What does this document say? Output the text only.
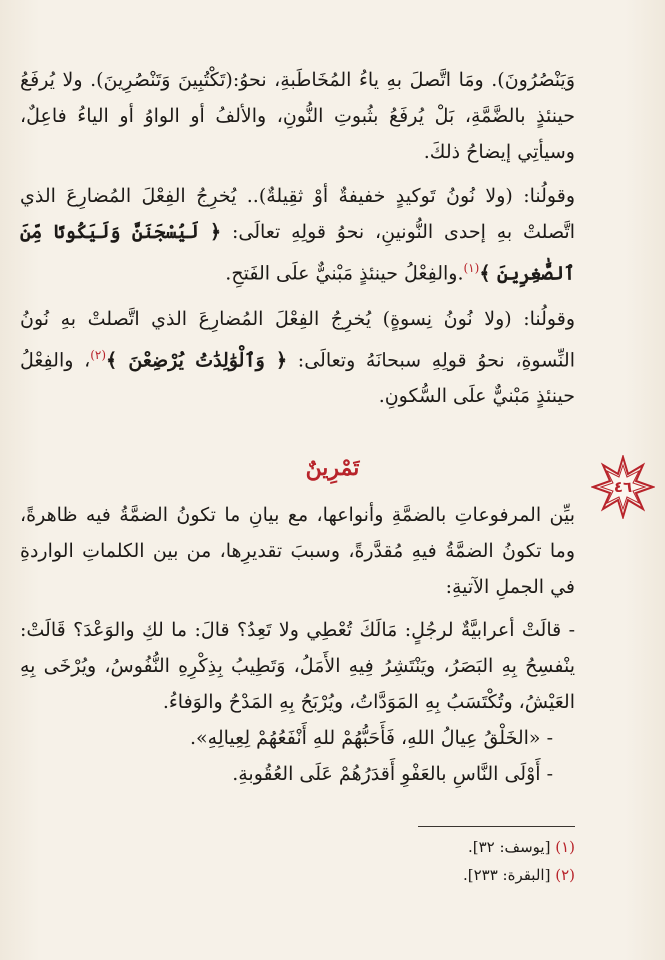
وَيَنْصُرُونَ). ومَا اتَّصلَ بهِ ياءُ المُخَاطَبةِ، نحوُ:(تَكْتُبِينَ وَتَنْصُرِينَ). ولا يُرفَعُ حينئذٍ بالضَّمَّةِ، بَلْ يُرفَعُ بثُبوتِ النُّونِ، والألفُ أو الواوُ أو الياءُ فاعِلٌ، وسيأتِي إيضاحُ ذلكَ.

وقولُنا: (ولا نُونُ تَوكيدٍ خفيفةٌ أوْ ثقِيلةٌ).. يُخرِجُ الفِعْلَ المُضارِعَ الذي اتَّصلتْ بهِ إحدى النُّونينِ، نحوُ قولِهِ تعالَى: ﴿ لَيُسْجَنَنَّ وَلَيَكُونًا مِّنَ ٱلصَّٰغِرِينَ ﴾$^{(١)}$.والفِعْلُ حينئذٍ مَبْنيٌّ علَى الفَتحِ.

وقولُنا: (ولا نُونُ نِسوةٍ) يُخرِجُ الفِعْلَ المُضارِعَ الذي اتَّصلتْ بهِ نُونُ النِّسوةِ، نحوُ قولِهِ سبحانَهُ وتعالَى: ﴿ وَٱلْوَٰلِدَٰتُ يُرْضِعْنَ ﴾$^{(٢)}$، والفِعْلُ حينئذٍ مَبْنيٌّ علَى السُّكونِ.

تَمْرِينٌ
٤٦

بيِّن المرفوعاتِ بالضمَّةِ وأنواعها، مع بيانِ ما تكونُ الضمَّةُ فيه ظاهرةً، وما تكونُ الضمَّةُ فيهِ مُقدَّرةً، وسببَ تقديرِها، من بين الكلماتِ الواردةِ في الجملِ الآتيةِ:

- قالَتْ أعرابيَّةٌ لرجُلٍ: مَالَكَ تُعْطِي ولا تَعِدُ؟ قالَ: ما لكِ والوَعْدَ؟ قَالَتْ: ينْفسِحُ بِهِ البَصَرُ، ويَنْتَشِرُ فِيهِ الأَمَلُ، وَتَطِيبُ بِذِكْرِهِ النُّفُوسُ، ويُرْخَى بِهِ العَيْشُ، وتُكْتَسَبُ بِهِ المَوَدَّاتُ، ويُرْبَحُ بِهِ المَدْحُ والوَفاءُ.

- «الخَلْقُ عِيالُ اللهِ، فَأَحَبُّهُمْ للهِ أَنْفَعُهُمْ لِعِيالِهِ».

- أَوْلَى النَّاسِ بالعَفْوِ أَقدَرُهُمْ عَلَى العُقُوبةِ.

(١) [يوسف: ٣٢].
(٢) [البقرة: ٢٣٣].
